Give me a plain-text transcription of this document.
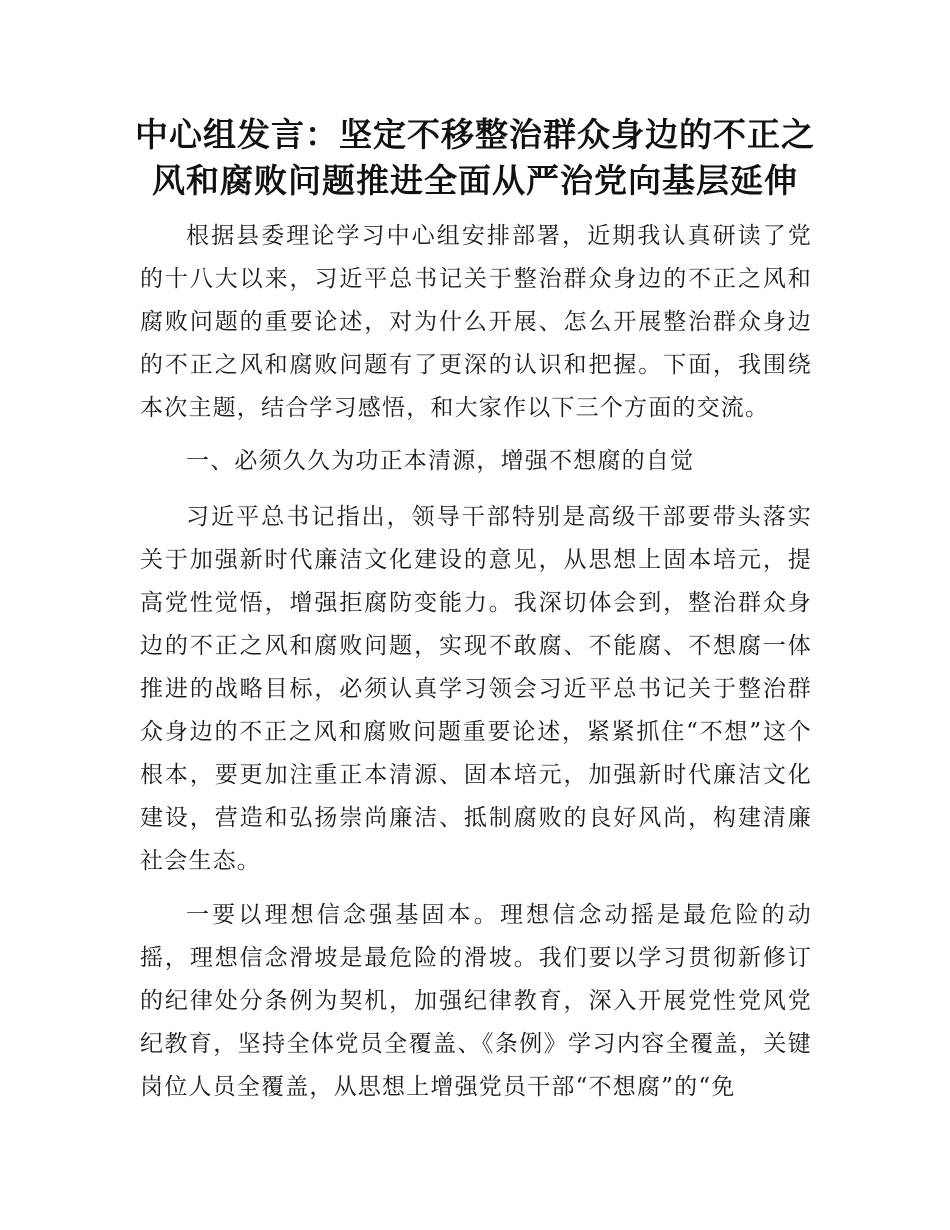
中心组发言：坚定不移整治群众身边的不正之
风和腐败问题推进全面从严治党向基层延伸

根据县委理论学习中心组安排部署，近期我认真研读了党的十八大以来，习近平总书记关于整治群众身边的不正之风和腐败问题的重要论述，对为什么开展、怎么开展整治群众身边的不正之风和腐败问题有了更深的认识和把握。下面，我围绕本次主题，结合学习感悟，和大家作以下三个方面的交流。

一、必须久久为功正本清源，增强不想腐的自觉

习近平总书记指出，领导干部特别是高级干部要带头落实关于加强新时代廉洁文化建设的意见，从思想上固本培元，提高党性觉悟，增强拒腐防变能力。我深切体会到，整治群众身边的不正之风和腐败问题，实现不敢腐、不能腐、不想腐一体推进的战略目标，必须认真学习领会习近平总书记关于整治群众身边的不正之风和腐败问题重要论述，紧紧抓住“不想”这个根本，要更加注重正本清源、固本培元，加强新时代廉洁文化建设，营造和弘扬崇尚廉洁、抵制腐败的良好风尚，构建清廉社会生态。

一要以理想信念强基固本。理想信念动摇是最危险的动摇，理想信念滑坡是最危险的滑坡。我们要以学习贯彻新修订的纪律处分条例为契机，加强纪律教育，深入开展党性党风党纪教育，坚持全体党员全覆盖、《条例》学习内容全覆盖，关键岗位人员全覆盖，从思想上增强党员干部“不想腐”的“免
